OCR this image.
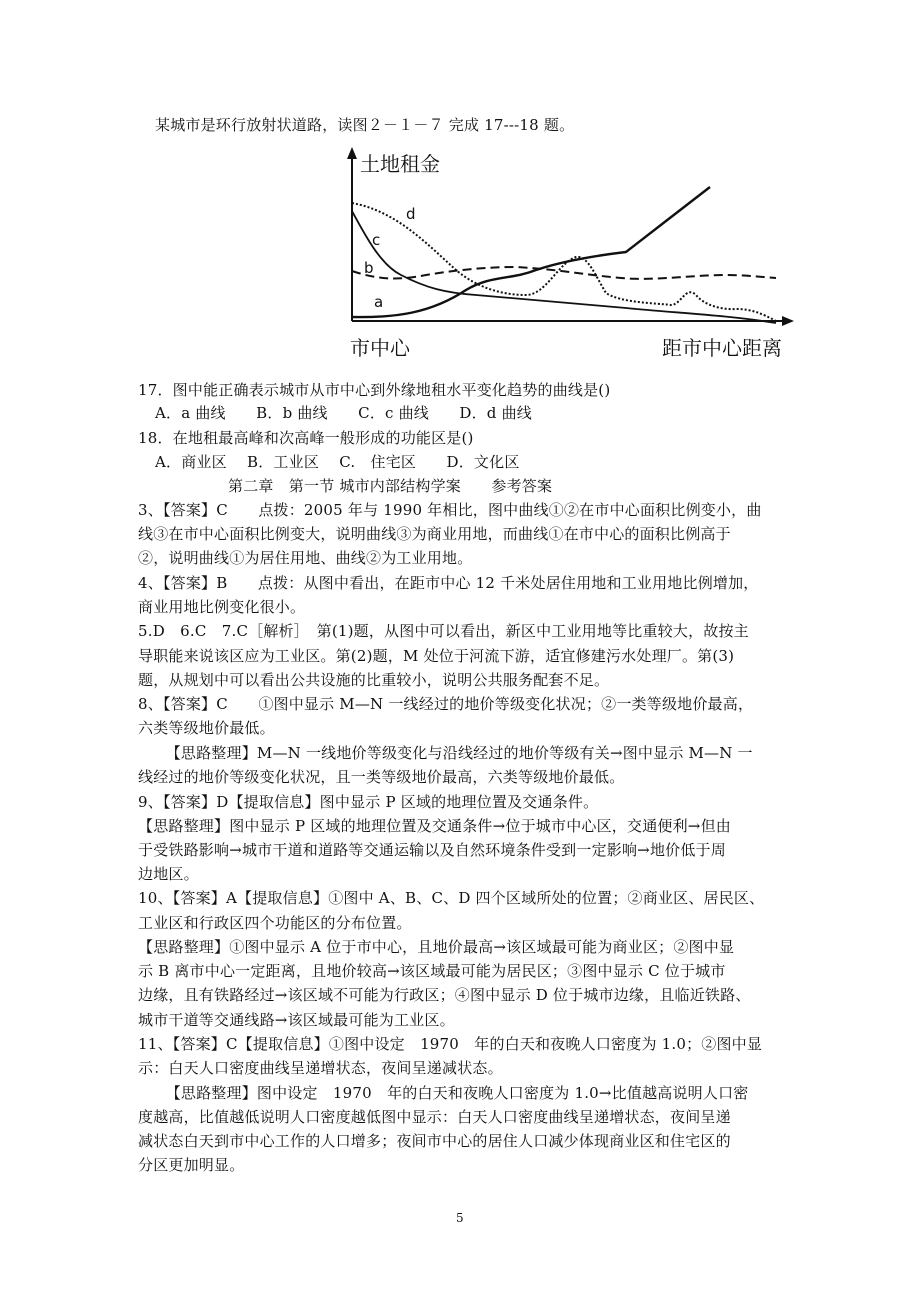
某城市是环行放射状道路，读图２－１－７ 完成 17---18 题。
土地租金
d
c
b
a
市中心	距市中心距离
17．图中能正确表示城市从市中心到外缘地租水平变化趋势的曲线是()
A．a 曲线　　B．b 曲线　　C．c 曲线　　D．d 曲线
18．在地租最高峰和次高峰一般形成的功能区是()
A．商业区　 B．工业区　 C.　住宅区　　D．文化区
第二章　第一节 城市内部结构学案　　参考答案
3、【答案】C　　点拨：2005 年与 1990 年相比，图中曲线①②在市中心面积比例变小，曲
线③在市中心面积比例变大，说明曲线③为商业用地，而曲线①在市中心的面积比例高于
②，说明曲线①为居住用地、曲线②为工业用地。
4、【答案】B　　点拨：从图中看出，在距市中心 12 千米处居住用地和工业用地比例增加，
商业用地比例变化很小。
5.D　6.C　7.C［解析］　第(1)题，从图中可以看出，新区中工业用地等比重较大，故按主
导职能来说该区应为工业区。第(2)题，M 处位于河流下游，适宜修建污水处理厂。第(3)
题，从规划中可以看出公共设施的比重较小，说明公共服务配套不足。
8、【答案】C　　①图中显示 M—N 一线经过的地价等级变化状况；②一类等级地价最高，
六类等级地价最低。
　【思路整理】M—N 一线地价等级变化与沿线经过的地价等级有关→图中显示 M—N 一
线经过的地价等级变化状况，且一类等级地价最高，六类等级地价最低。
9、【答案】D【提取信息】图中显示 P 区域的地理位置及交通条件。
【思路整理】图中显示 P 区域的地理位置及交通条件→位于城市中心区，交通便利→但由
于受铁路影响→城市干道和道路等交通运输以及自然环境条件受到一定影响→地价低于周
边地区。
10、【答案】A【提取信息】①图中 A、B、C、D 四个区域所处的位置；②商业区、居民区、
工业区和行政区四个功能区的分布位置。
【思路整理】①图中显示 A 位于市中心，且地价最高→该区域最可能为商业区；②图中显
示 B 离市中心一定距离，且地价较高→该区域最可能为居民区；③图中显示 C 位于城市
边缘，且有铁路经过→该区域不可能为行政区；④图中显示 D 位于城市边缘，且临近铁路、
城市干道等交通线路→该区域最可能为工业区。
11、【答案】C【提取信息】①图中设定　1970　年的白天和夜晚人口密度为 1.0；②图中显
示：白天人口密度曲线呈递增状态，夜间呈递减状态。
　【思路整理】图中设定　1970　年的白天和夜晚人口密度为 1.0→比值越高说明人口密
度越高，比值越低说明人口密度越低图中显示：白天人口密度曲线呈递增状态，夜间呈递
减状态白天到市中心工作的人口增多；夜间市中心的居住人口减少体现商业区和住宅区的
分区更加明显。
5
